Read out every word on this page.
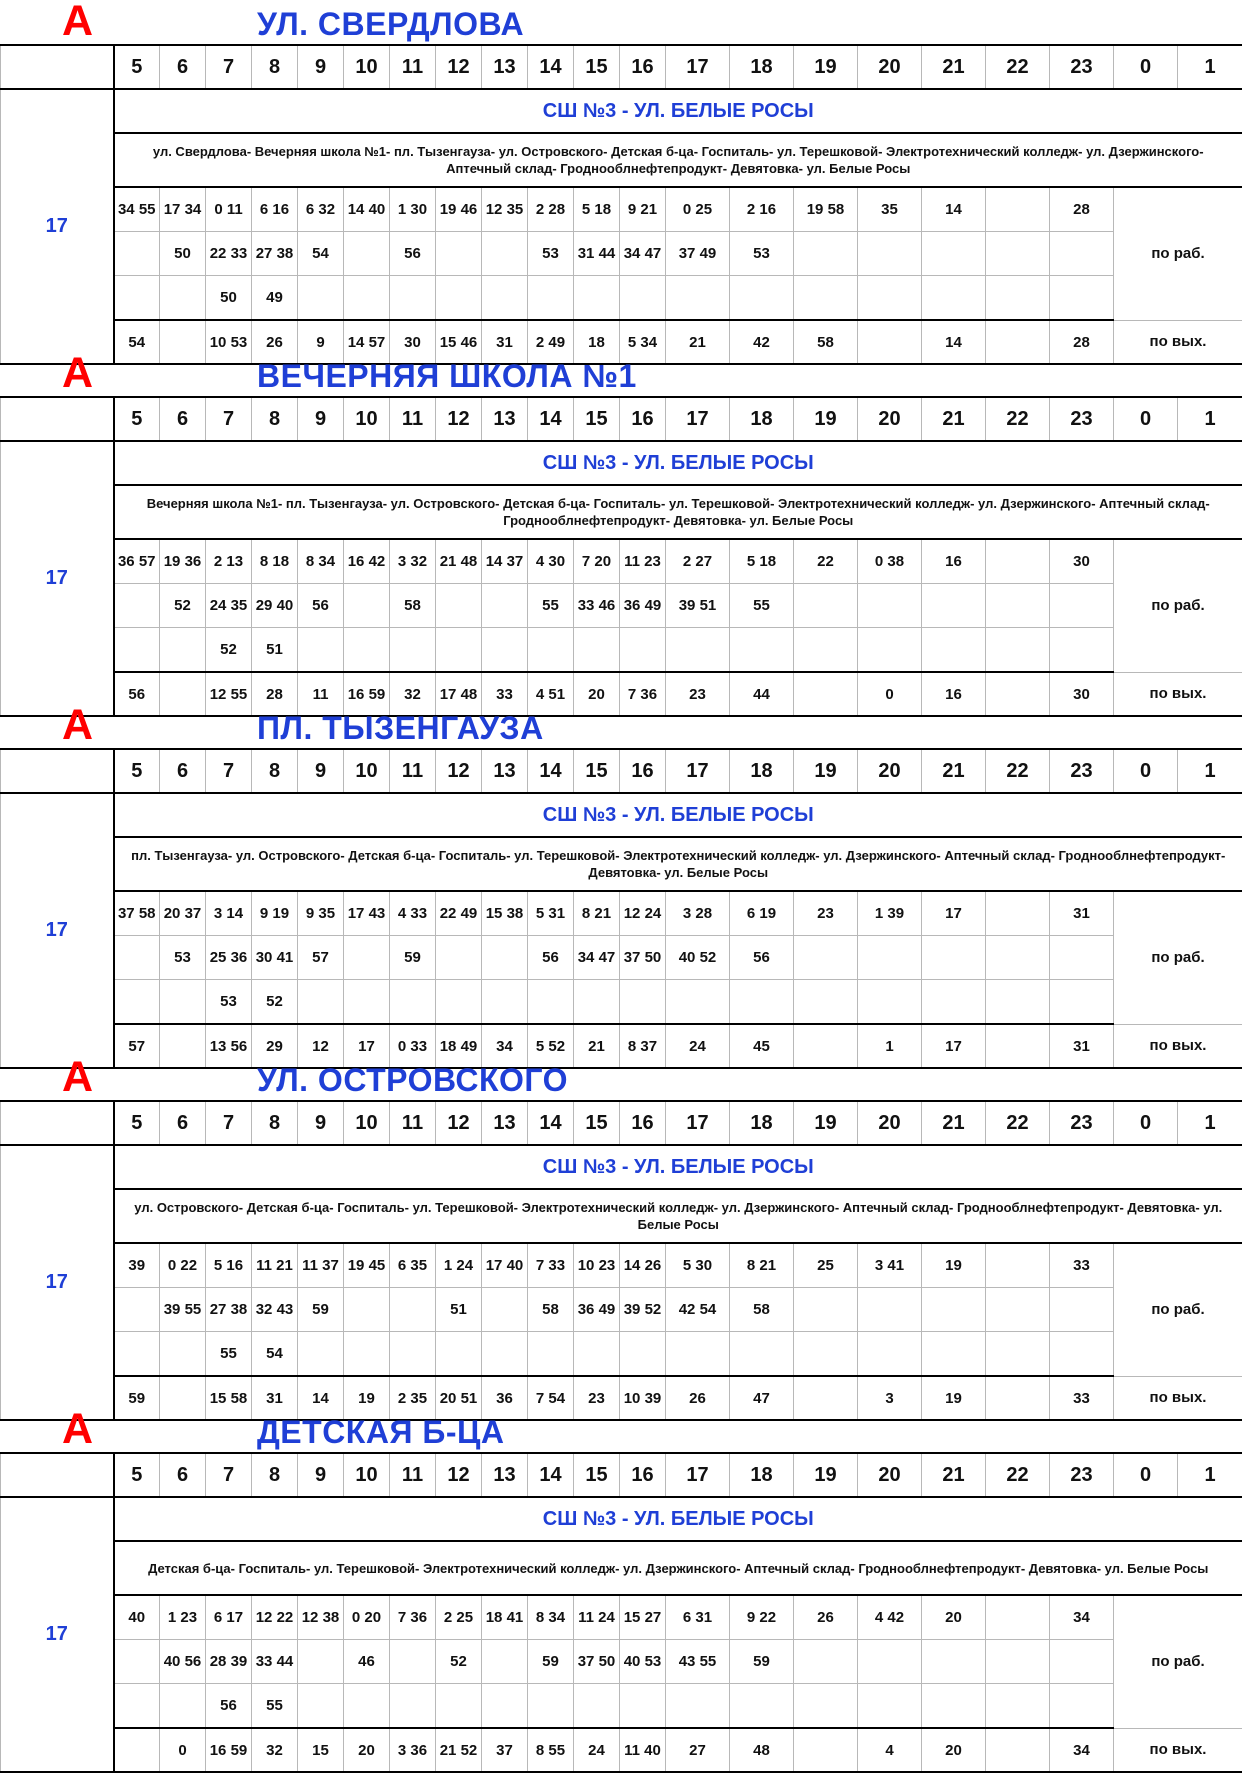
А	УЛ. СВЕРДЛОВА
	5	6	7	8	9	10	11	12	13	14	15	16	17	18	19	20	21	22	23	0	1
17	СШ №3 - УЛ. БЕЛЫЕ РОСЫ																				
	ул. Свердлова- Вечерняя школа №1- пл. Тызенгауза- ул. Островского- Детская б-ца- Госпиталь- ул. Терешковой- Электротехнический колледж- ул. Дзержинского- Аптечный склад- Гродноoблнефтепродукт- Девятовка- ул. Белые Росы																				
	34 55	17 34	0 11	6 16	6 32	14 40	1 30	19 46	12 35	2 28	5 18	9 21	0 25	2 16	19 58	35	14		28	по раб.	
		50	22 33	27 38	54		56			53	31 44	34 47	37 49	53							
			50	49																	
	54		10 53	26	9	14 57	30	15 46	31	2 49	18	5 34	21	42	58		14		28	по вых.	
А	ВЕЧЕРНЯЯ ШКОЛА №1
	5	6	7	8	9	10	11	12	13	14	15	16	17	18	19	20	21	22	23	0	1
17	СШ №3 - УЛ. БЕЛЫЕ РОСЫ																				
	Вечерняя школа №1- пл. Тызенгауза- ул. Островского- Детская б-ца- Госпиталь- ул. Терешковой- Электротехнический колледж- ул. Дзержинского- Аптечный склад- Гродноoблнефтепродукт- Девятовка- ул. Белые Росы																				
	36 57	19 36	2 13	8 18	8 34	16 42	3 32	21 48	14 37	4 30	7 20	11 23	2 27	5 18	22	0 38	16		30	по раб.	
		52	24 35	29 40	56		58			55	33 46	36 49	39 51	55							
			52	51																	
	56		12 55	28	11	16 59	32	17 48	33	4 51	20	7 36	23	44		0	16		30	по вых.	
А	ПЛ. ТЫЗЕНГАУЗА
	5	6	7	8	9	10	11	12	13	14	15	16	17	18	19	20	21	22	23	0	1
17	СШ №3 - УЛ. БЕЛЫЕ РОСЫ																				
	пл. Тызенгауза- ул. Островского- Детская б-ца- Госпиталь- ул. Терешковой- Электротехнический колледж- ул. Дзержинского- Аптечный склад- Гродноoблнефтепродукт- Девятовка- ул. Белые Росы																				
	37 58	20 37	3 14	9 19	9 35	17 43	4 33	22 49	15 38	5 31	8 21	12 24	3 28	6 19	23	1 39	17		31	по раб.	
		53	25 36	30 41	57		59			56	34 47	37 50	40 52	56							
			53	52																	
	57		13 56	29	12	17	0 33	18 49	34	5 52	21	8 37	24	45		1	17		31	по вых.	
А	УЛ. ОСТРОВСКОГО
	5	6	7	8	9	10	11	12	13	14	15	16	17	18	19	20	21	22	23	0	1
17	СШ №3 - УЛ. БЕЛЫЕ РОСЫ																				
	ул. Островского- Детская б-ца- Госпиталь- ул. Терешковой- Электротехнический колледж- ул. Дзержинского- Аптечный склад- Гродноoблнефтепродукт- Девятовка- ул. Белые Росы																				
	39	0 22	5 16	11 21	11 37	19 45	6 35	1 24	17 40	7 33	10 23	14 26	5 30	8 21	25	3 41	19		33	по раб.	
		39 55	27 38	32 43	59			51		58	36 49	39 52	42 54	58							
			55	54																	
	59		15 58	31	14	19	2 35	20 51	36	7 54	23	10 39	26	47		3	19		33	по вых.	
А	ДЕТСКАЯ Б-ЦА
	5	6	7	8	9	10	11	12	13	14	15	16	17	18	19	20	21	22	23	0	1
17	СШ №3 - УЛ. БЕЛЫЕ РОСЫ																				
	Детская б-ца- Госпиталь- ул. Терешковой- Электротехнический колледж- ул. Дзержинского- Аптечный склад- Гродноoблнефтепродукт- Девятовка- ул. Белые Росы																				
	40	1 23	6 17	12 22	12 38	0 20	7 36	2 25	18 41	8 34	11 24	15 27	6 31	9 22	26	4 42	20		34	по раб.	
		40 56	28 39	33 44		46		52		59	37 50	40 53	43 55	59							
			56	55																	
		0	16 59	32	15	20	3 36	21 52	37	8 55	24	11 40	27	48		4	20		34	по вых.	
